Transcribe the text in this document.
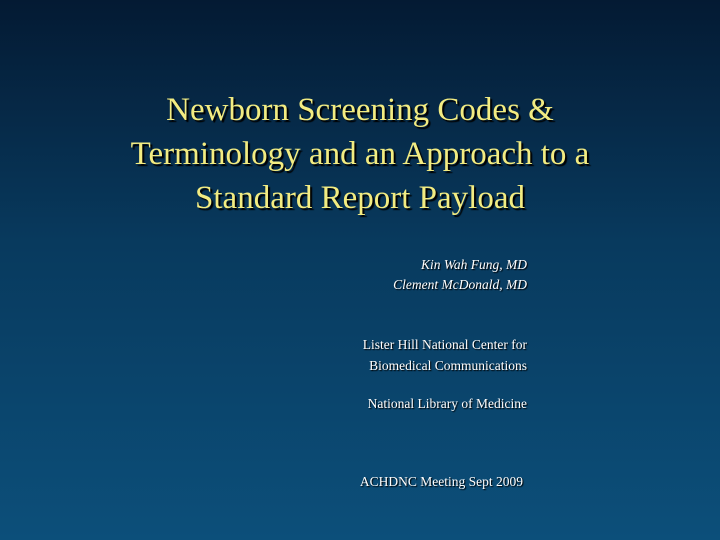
Newborn Screening Codes &
Terminology and an Approach to a
Standard Report Payload
Kin Wah Fung, MD
Clement McDonald, MD
Lister Hill National Center for
Biomedical Communications
National Library of Medicine
ACHDNC Meeting Sept 2009
